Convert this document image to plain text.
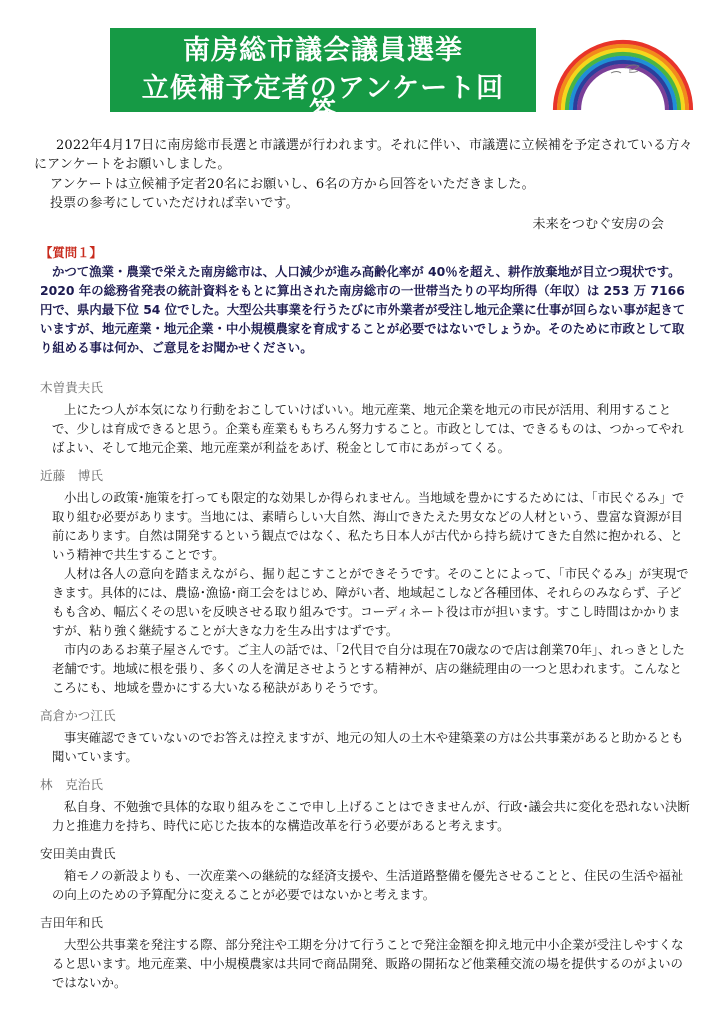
南房総市議会議員選挙
立候補予定者のアンケート回
答

2022年4月17日に南房総市長選と市議選が行われます。それに伴い、市議選に立候補を予定されている方々にアンケートをお願いしました。

アンケートは立候補予定者20名にお願いし、6名の方から回答をいただきました。

投票の参考にしていただければ幸いです。

未来をつむぐ安房の会

【質問１】

かつて漁業・農業で栄えた南房総市は、人口減少が進み高齢化率が 40％を超え、耕作放棄地が目立つ現状です。2020 年の総務省発表の統計資料をもとに算出された南房総市の一世帯当たりの平均所得（年収）は 253 万 7166 円で、県内最下位 54 位でした。大型公共事業を行うたびに市外業者が受注し地元企業に仕事が回らない事が起きていますが、地元産業・地元企業・中小規模農家を育成することが必要ではないでしょうか。そのために市政として取り組める事は何か、ご意見をお聞かせください。

木曽貴夫氏

上にたつ人が本気になり行動をおこしていけばいい。地元産業、地元企業を地元の市民が活用、利用することで、少しは育成できると思う。企業も産業ももちろん努力すること。市政としては、できるものは、つかってやればよい、そして地元企業、地元産業が利益をあげ、税金として市にあがってくる。

近藤　博氏

小出しの政策･施策を打っても限定的な効果しか得られません。当地域を豊かにするためには、「市民ぐるみ」で取り組む必要があります。当地には、素晴らしい大自然、海山できたえた男女などの人材という、豊富な資源が目前にあります。自然は開発するという観点ではなく、私たち日本人が古代から持ち続けてきた自然に抱かれる、という精神で共生することです。

人材は各人の意向を踏まえながら、掘り起こすことができそうです。そのことによって、「市民ぐるみ」が実現できます。具体的には、農協･漁協･商工会をはじめ、障がい者、地域起こしなど各種団体、それらのみならず、子どもも含め、幅広くその思いを反映させる取り組みです。コーディネート役は市が担います。すこし時間はかかりますが、粘り強く継続することが大きな力を生み出すはずです。

市内のあるお菓子屋さんです。ご主人の話では、｢2代目で自分は現在70歳なので店は創業70年｣、れっきとした老舗です。地域に根を張り、多くの人を満足させようとする精神が、店の継続理由の一つと思われます。こんなところにも、地域を豊かにする大いなる秘訣がありそうです。

高倉かつ江氏

事実確認できていないのでお答えは控えますが、地元の知人の土木や建築業の方は公共事業があると助かるとも聞いています。

林　克治氏

私自身、不勉強で具体的な取り組みをここで申し上げることはできませんが、行政･議会共に変化を恐れない決断力と推進力を持ち、時代に応じた抜本的な構造改革を行う必要があると考えます。

安田美由貴氏

箱モノの新設よりも、一次産業への継続的な経済支援や、生活道路整備を優先させることと、住民の生活や福祉の向上のための予算配分に変えることが必要ではないかと考えます。

吉田年和氏

大型公共事業を発注する際、部分発注や工期を分けて行うことで発注金額を抑え地元中小企業が受注しやすくなると思います。地元産業、中小規模農家は共同で商品開発、販路の開拓など他業種交流の場を提供するのがよいのではないか。
